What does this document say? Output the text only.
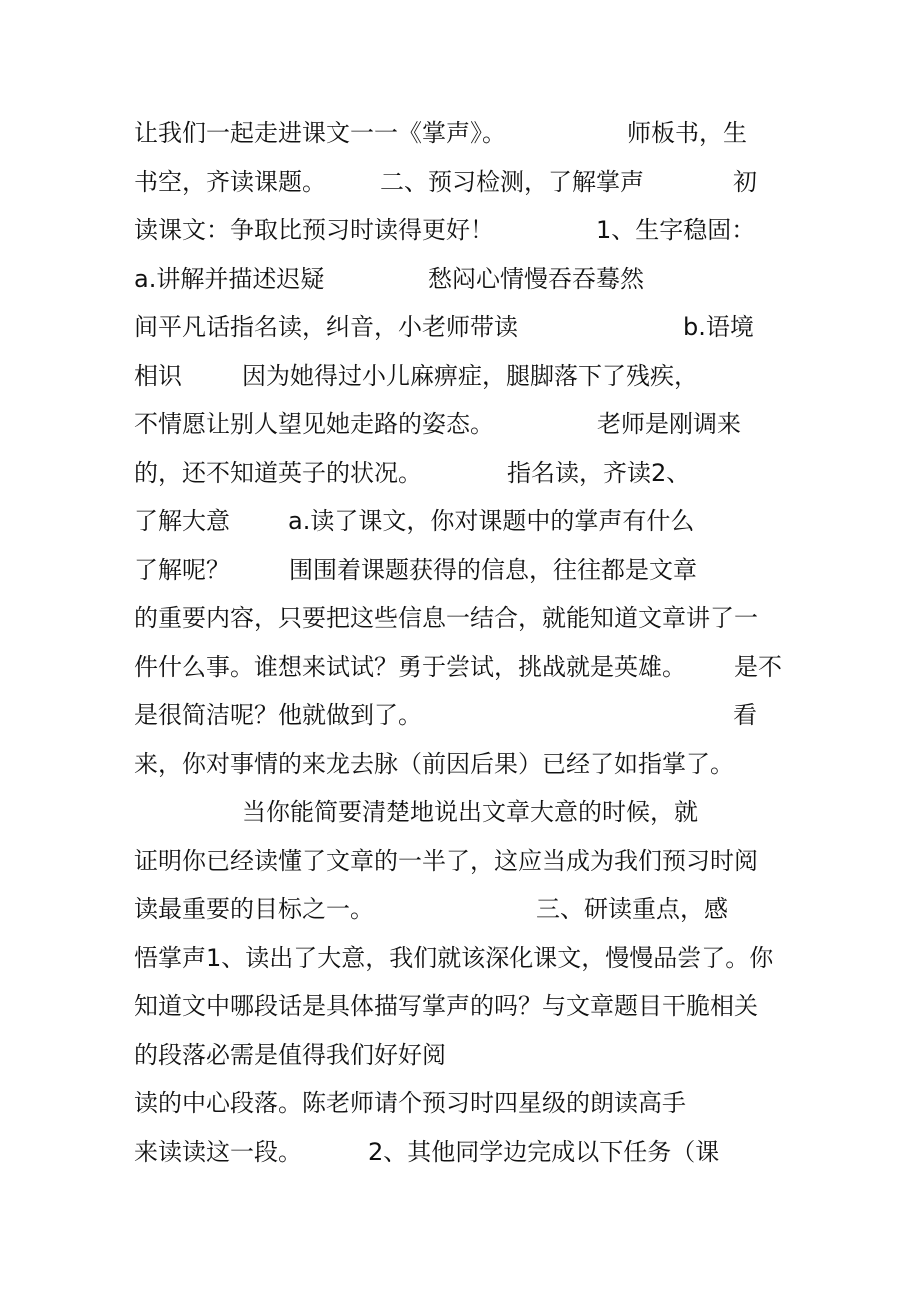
让我们一起走进课文一一《掌声》。	师板书，生
书空，齐读课题。 二、预习检测，了解掌声	初
读课文：争取比预习时读得更好！	1、生字稳固：
a.讲解并描述迟疑	愁闷心情慢吞吞蓦然
间平凡话指名读，纠音，小老师带读	b.语境
相识	因为她得过小儿麻痹症，腿脚落下了残疾，
不情愿让别人望见她走路的姿态。	老师是刚调来
的，还不知道英子的状况。	指名读，齐读2、
了解大意 a.读了课文，你对课题中的掌声有什么
了解呢？ 围围着课题获得的信息，往往都是文章
的重要内容，只要把这些信息一结合，就能知道文章讲了一
件什么事。谁想来试试？勇于尝试，挑战就是英雄。 是不
是很简洁呢？他就做到了。	看
来，你对事情的来龙去脉（前因后果）已经了如指掌了。
当你能简要清楚地说出文章大意的时候，就
证明你已经读懂了文章的一半了，这应当成为我们预习时阅
读最重要的目标之一。	三、研读重点，感
悟掌声1、读出了大意，我们就该深化课文，慢慢品尝了。你
知道文中哪段话是具体描写掌声的吗？与文章题目干脆相关
的段落必需是值得我们好好阅
读的中心段落。陈老师请个预习时四星级的朗读高手
来读读这一段。	2、其他同学边完成以下任务（课
